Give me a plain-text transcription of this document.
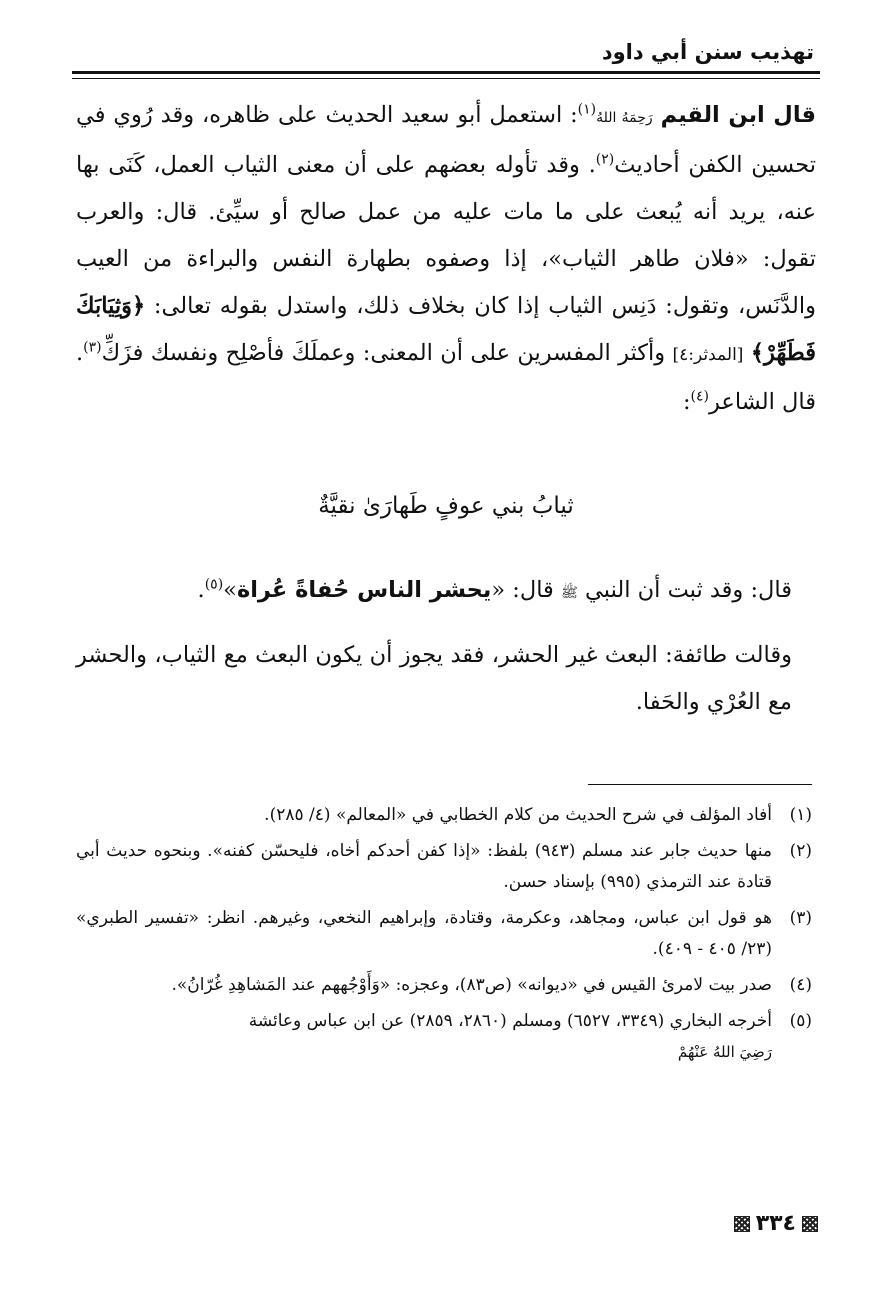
تهذيب سنن أبي داود

قال ابن القيم رَحِمَهُ اللهُ$^{(١)}$: استعمل أبو سعيد الحديث على ظاهره، وقد رُوي في تحسين الكفن أحاديث$^{(٢)}$. وقد تأوله بعضهم على أن معنى الثياب العمل، كَنَى بها عنه، يريد أنه يُبعث على ما مات عليه من عمل صالح أو سيِّئ. قال: والعرب تقول: «فلان طاهر الثياب»، إذا وصفوه بطهارة النفس والبراءة من العيب والدَّنَس، وتقول: دَنِس الثياب إذا كان بخلاف ذلك، واستدل بقوله تعالى: ﴿وَثِيَابَكَ فَطَهِّرْ﴾ [المدثر:٤] وأكثر المفسرين على أن المعنى: وعملَكَ فأصْلِح ونفسك فزَكِّ$^{(٣)}$. قال الشاعر$^{(٤)}$:

ثيابُ بني عوفٍ طَهارَىٰ نقيَّةٌ
قال: وقد ثبت أن النبي ﷺ قال: «يحشر الناس حُفاةً عُراة»$^{(٥)}$.
وقالت طائفة: البعث غير الحشر، فقد يجوز أن يكون البعث مع الثياب، والحشر مع العُرْي والحَفا.
(١)
أفاد المؤلف في شرح الحديث من كلام الخطابي في «المعالم» (٤/ ٢٨٥).
(٢)
منها حديث جابر عند مسلم (٩٤٣) بلفظ: «إذا كفن أحدكم أخاه، فليحسّن كفنه». وبنحوه حديث أبي قتادة عند الترمذي (٩٩٥) بإسناد حسن.
(٣)
هو قول ابن عباس، ومجاهد، وعكرمة، وقتادة، وإبراهيم النخعي، وغيرهم. انظر: «تفسير الطبري» (٢٣/ ٤٠٥ - ٤٠٩).
(٤)
صدر بيت لامرئ القيس في «ديوانه» (ص٨٣)، وعجزه: «وَأَوْجُههم عند المَشاهِدِ غُرّانُ».
(٥)
أخرجه البخاري (٣٣٤٩، ٦٥٢٧) ومسلم (٢٨٦٠، ٢٨٥٩) عن ابن عباس وعائشة
رَضِيَ اللهُ عَنْهُمْ
٣٣٤
